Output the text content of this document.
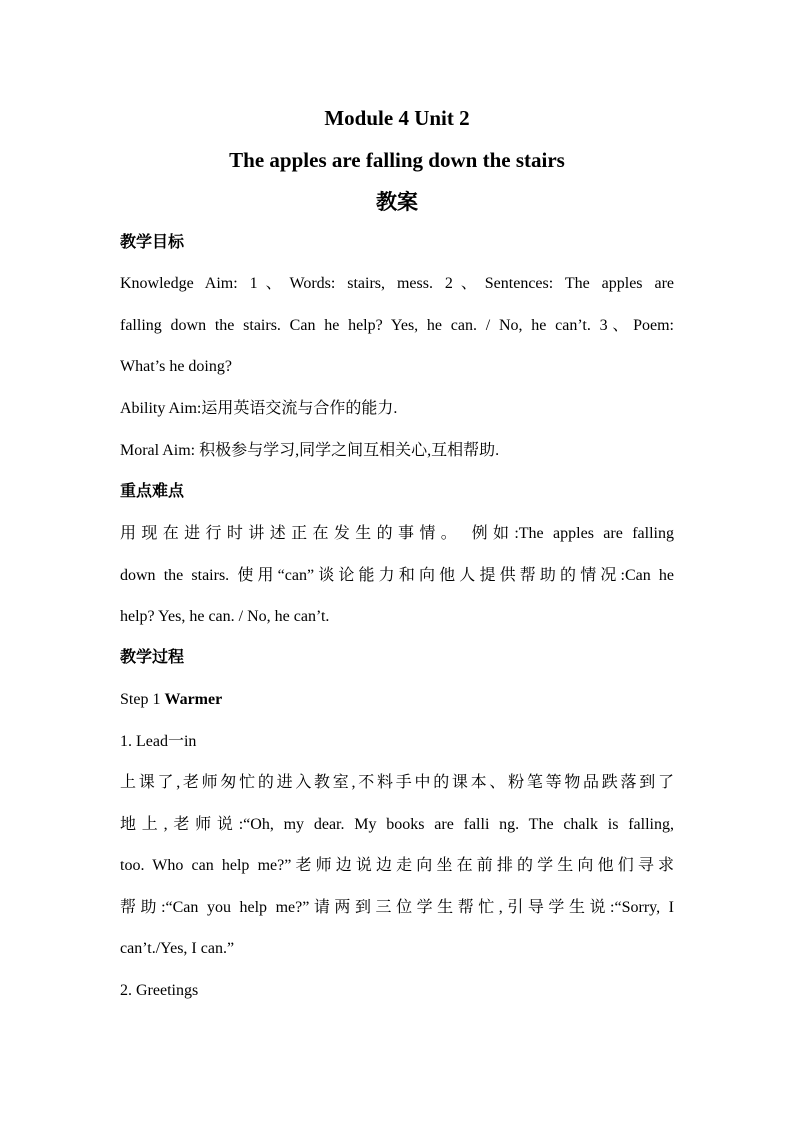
Module 4 Unit 2
The apples are falling down the stairs
教案
教学目标
Knowledge Aim: 1、Words: stairs, mess. 2、Sentences: The apples are
falling down the stairs. Can he help? Yes, he can. / No, he can’t. 3、Poem:
What’s he doing?
Ability Aim:运用英语交流与合作的能力.
Moral Aim: 积极参与学习,同学之间互相关心,互相帮助.
重点难点
用现在进行时讲述正在发生的事情。 例如:The apples are falling
down the stairs. 使用“can”谈论能力和向他人提供帮助的情况:Can he
help? Yes, he can. / No, he can’t.
教学过程
Step 1 Warmer
1. Lead一in
上课了,老师匆忙的进入教室,不料手中的课本、粉笔等物品跌落到了
地上,老师说:“Oh, my dear. My books are falli ng. The chalk is falling,
too. Who can help me?”老师边说边走向坐在前排的学生向他们寻求
帮助:“Can you help me?”请两到三位学生帮忙,引导学生说:“Sorry, I
can’t./Yes, I can.”
2. Greetings
